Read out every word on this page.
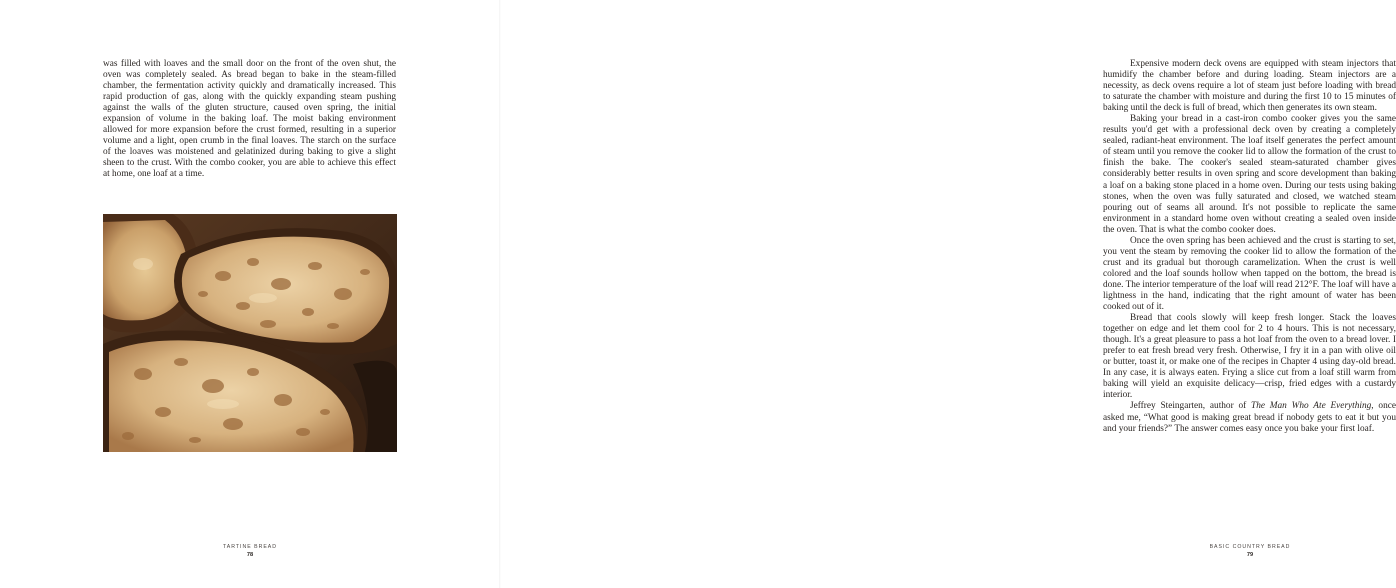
was filled with loaves and the small door on the front of the oven shut, the oven was completely sealed. As bread began to bake in the steam-filled chamber, the fermentation activity quickly and dramatically increased. This rapid production of gas, along with the quickly expanding steam pushing against the walls of the gluten structure, caused oven spring, the initial expansion of volume in the baking loaf. The moist baking environment allowed for more expansion before the crust formed, resulting in a superior volume and a light, open crumb in the final loaves. The starch on the surface of the loaves was moistened and gelatinized during baking to give a slight sheen to the crust. With the combo cooker, you are able to achieve this effect at home, one loaf at a time.

TARTINE BREAD
78

Expensive modern deck ovens are equipped with steam injectors that humidify the chamber before and during loading. Steam injectors are a necessity, as deck ovens require a lot of steam just before loading with bread to saturate the chamber with moisture and during the first 10 to 15 minutes of baking until the deck is full of bread, which then generates its own steam.

Baking your bread in a cast-iron combo cooker gives you the same results you'd get with a professional deck oven by creating a completely sealed, radiant-heat environment. The loaf itself generates the perfect amount of steam until you remove the cooker lid to allow the formation of the crust to finish the bake. The cooker's sealed steam-saturated chamber gives considerably better results in oven spring and score development than baking a loaf on a baking stone placed in a home oven. During our tests using baking stones, when the oven was fully saturated and closed, we watched steam pouring out of seams all around. It's not possible to replicate the same environment in a standard home oven without creating a sealed oven inside the oven. That is what the combo cooker does.

Once the oven spring has been achieved and the crust is starting to set, you vent the steam by removing the cooker lid to allow the formation of the crust and its gradual but thorough caramelization. When the crust is well colored and the loaf sounds hollow when tapped on the bottom, the bread is done. The interior temperature of the loaf will read 212°F. The loaf will have a lightness in the hand, indicating that the right amount of water has been cooked out of it.

Bread that cools slowly will keep fresh longer. Stack the loaves together on edge and let them cool for 2 to 4 hours. This is not necessary, though. It's a great pleasure to pass a hot loaf from the oven to a bread lover. I prefer to eat fresh bread very fresh. Otherwise, I fry it in a pan with olive oil or butter, toast it, or make one of the recipes in Chapter 4 using day-old bread. In any case, it is always eaten. Frying a slice cut from a loaf still warm from baking will yield an exquisite delicacy—crisp, fried edges with a custardy interior.

Jeffrey Steingarten, author of The Man Who Ate Everything, once asked me, “What good is making great bread if nobody gets to eat it but you and your friends?” The answer comes easy once you bake your first loaf.

BASIC COUNTRY BREAD
79
